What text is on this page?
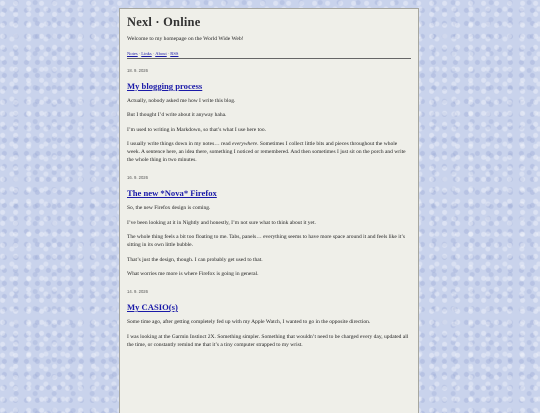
Nexl · Online
Welcome to my homepage on the World Wide Web!
Notes·Links·About·RSS
18. 9. 2026
My blogging process

Actually, nobody asked me how I write this blog.

But I thought I’d write about it anyway haha.

I’m used to writing in Markdown, so that’s what I use here too.

I usually write things down in my notes… read everywhere. Sometimes I collect little bits and pieces throughout the whole week. A sentence here, an idea there, something I noticed or remembered. And then sometimes I just sit on the porch and write the whole thing in two minutes.

16. 9. 2026
The new *Nova* Firefox

So, the new Firefox design is coming.

I’ve been looking at it in Nightly and honestly, I’m not sure what to think about it yet.

The whole thing feels a bit too floating to me. Tabs, panels… everything seems to have more space around it and feels like it’s sitting in its own little bubble.

That’s just the design, though. I can probably get used to that.

What worries me more is where Firefox is going in general.

14. 9. 2026
My CASIO(s)

Some time ago, after getting completely fed up with my Apple Watch, I wanted to go in the opposite direction.

I was looking at the Garmin Instinct 2X. Something simpler. Something that wouldn’t need to be charged every day, updated all the time, or constantly remind me that it’s a tiny computer strapped to my wrist.
